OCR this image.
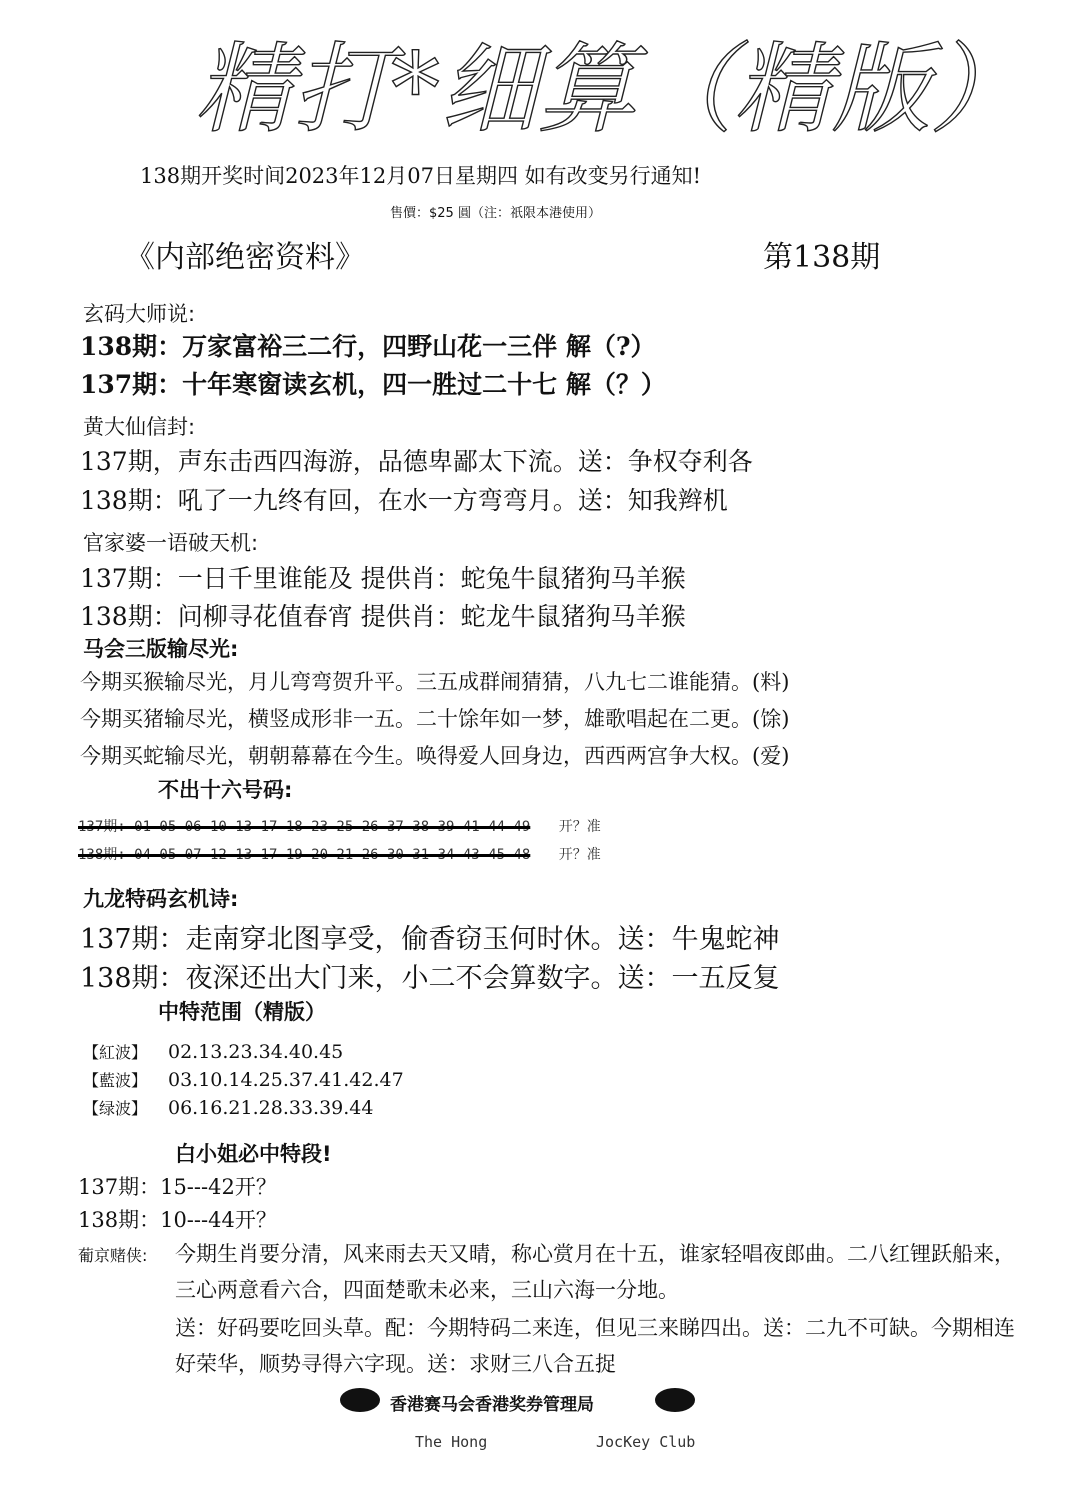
精打*细算（精版）
138期开奖时间2023年12月07日星期四 如有改变另行通知!
售價：$25 圓（注：祇限本港使用）
《内部绝密资料》	第138期
玄码大师说:
138期：万家富裕三二行，四野山花一三伴 解（?）
137期：十年寒窗读玄机，四一胜过二十七 解（？）
黄大仙信封:
137期，声东击西四海游，品德卑鄙太下流。送：争权夺利各
138期：吼了一九终有回，在水一方弯弯月。送：知我辫机
官家婆一语破天机:
137期：一日千里谁能及 提供肖：蛇兔牛鼠猪狗马羊猴
138期：问柳寻花值春宵 提供肖：蛇龙牛鼠猪狗马羊猴
马会三版输尽光:
今期买猴输尽光，月儿弯弯贺升平。三五成群闹猜猜，八九七二谁能猜。(料)
今期买猪输尽光，横竖成形非一五。二十馀年如一梦，雄歌唱起在二更。(馀)
今期买蛇输尽光，朝朝幕幕在今生。唤得爱人回身边，西西两宫争大权。(爱)
不出十六号码:
137期: 01 05 06 10 13 17 18 23 25 26 37 38 39 41 44 49 开？准
138期: 04 05 07 12 13 17 19 20 21 26 30 31 34 43 45 48 开？准
九龙特码玄机诗:
137期：走南穿北图享受，偷香窃玉何时休。送：牛鬼蛇神
138期：夜深还出大门来，小二不会算数字。送：一五反复
中特范围（精版）
【紅波】 02.13.23.34.40.45
【藍波】 03.10.14.25.37.41.42.47
【绿波】 06.16.21.28.33.39.44
白小姐必中特段!
137期：15---42开？
138期：10---44开？
葡京赌侠: 今期生肖要分清，风来雨去天又晴，称心赏月在十五，谁家轻唱夜郎曲。二八红锂跃船来，三心两意看六合，四面楚歌未必来，三山六海一分地。
送：好码要吃回头草。配：今期特码二来连，但见三来睇四出。送：二九不可缺。今期相连好荣华，顺势寻得六字现。送：求财三八合五捉
香港赛马会香港奖券管理局
The Hong	JocKey Club
